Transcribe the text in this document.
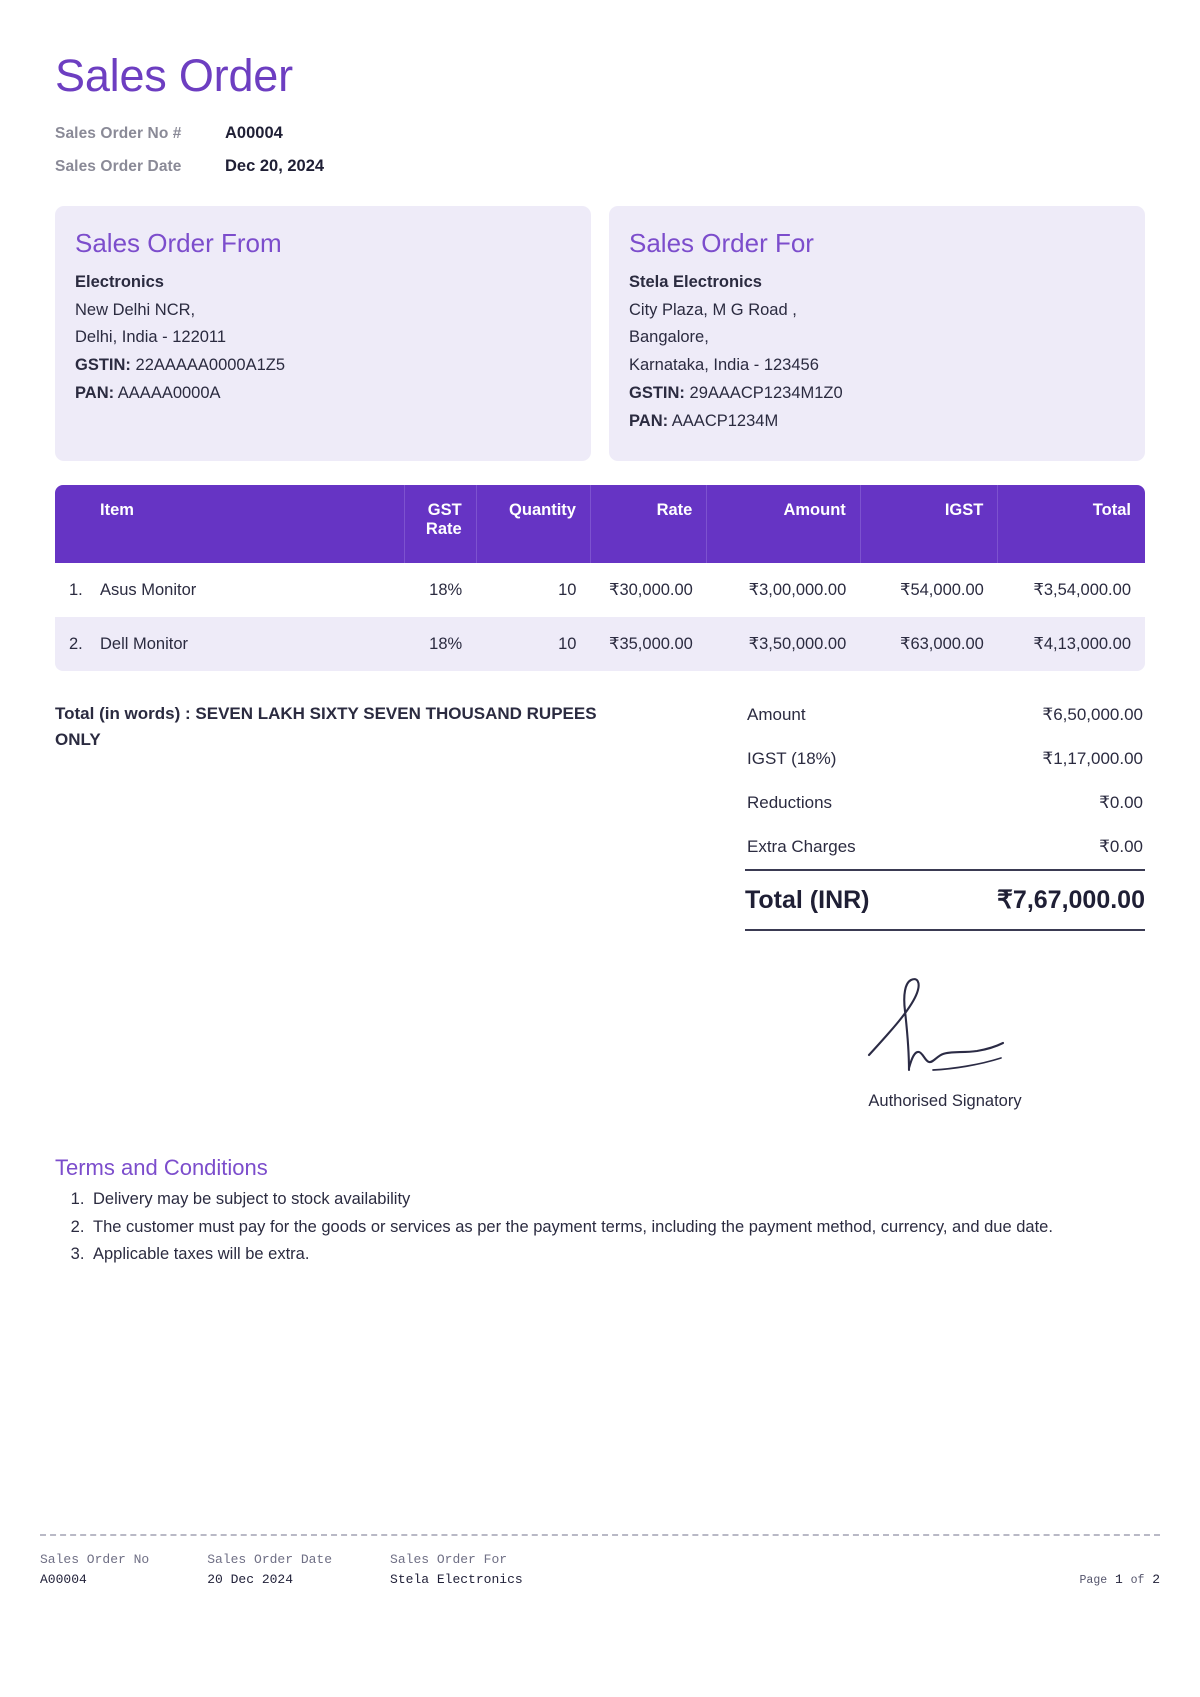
Sales Order
Sales Order No #	A00004
Sales Order Date	Dec 20, 2024
Sales Order From
Electronics
New Delhi NCR,
Delhi, India - 122011
GSTIN: 22AAAAA0000A1Z5
PAN: AAAAA0000A
Sales Order For
Stela Electronics
City Plaza, M G Road ,
Bangalore,
Karnataka, India - 123456
GSTIN: 29AAACP1234M1Z0
PAN: AAACP1234M
Item	GST Rate	Quantity	Rate	Amount	IGST	Total
1. Asus Monitor	18%	10	₹30,000.00	₹3,00,000.00	₹54,000.00	₹3,54,000.00
2. Dell Monitor	18%	10	₹35,000.00	₹3,50,000.00	₹63,000.00	₹4,13,000.00
Total (in words) : SEVEN LAKH SIXTY SEVEN THOUSAND RUPEES ONLY
Amount	₹6,50,000.00
IGST (18%)	₹1,17,000.00
Reductions	₹0.00
Extra Charges	₹0.00
Total (INR)	₹7,67,000.00
Authorised Signatory
Terms and Conditions
1. Delivery may be subject to stock availability
2. The customer must pay for the goods or services as per the payment terms, including the payment method, currency, and due date.
3. Applicable taxes will be extra.
Sales Order No
A00004
Sales Order Date
20 Dec 2024
Sales Order For
Stela Electronics	Page 1 of 2
